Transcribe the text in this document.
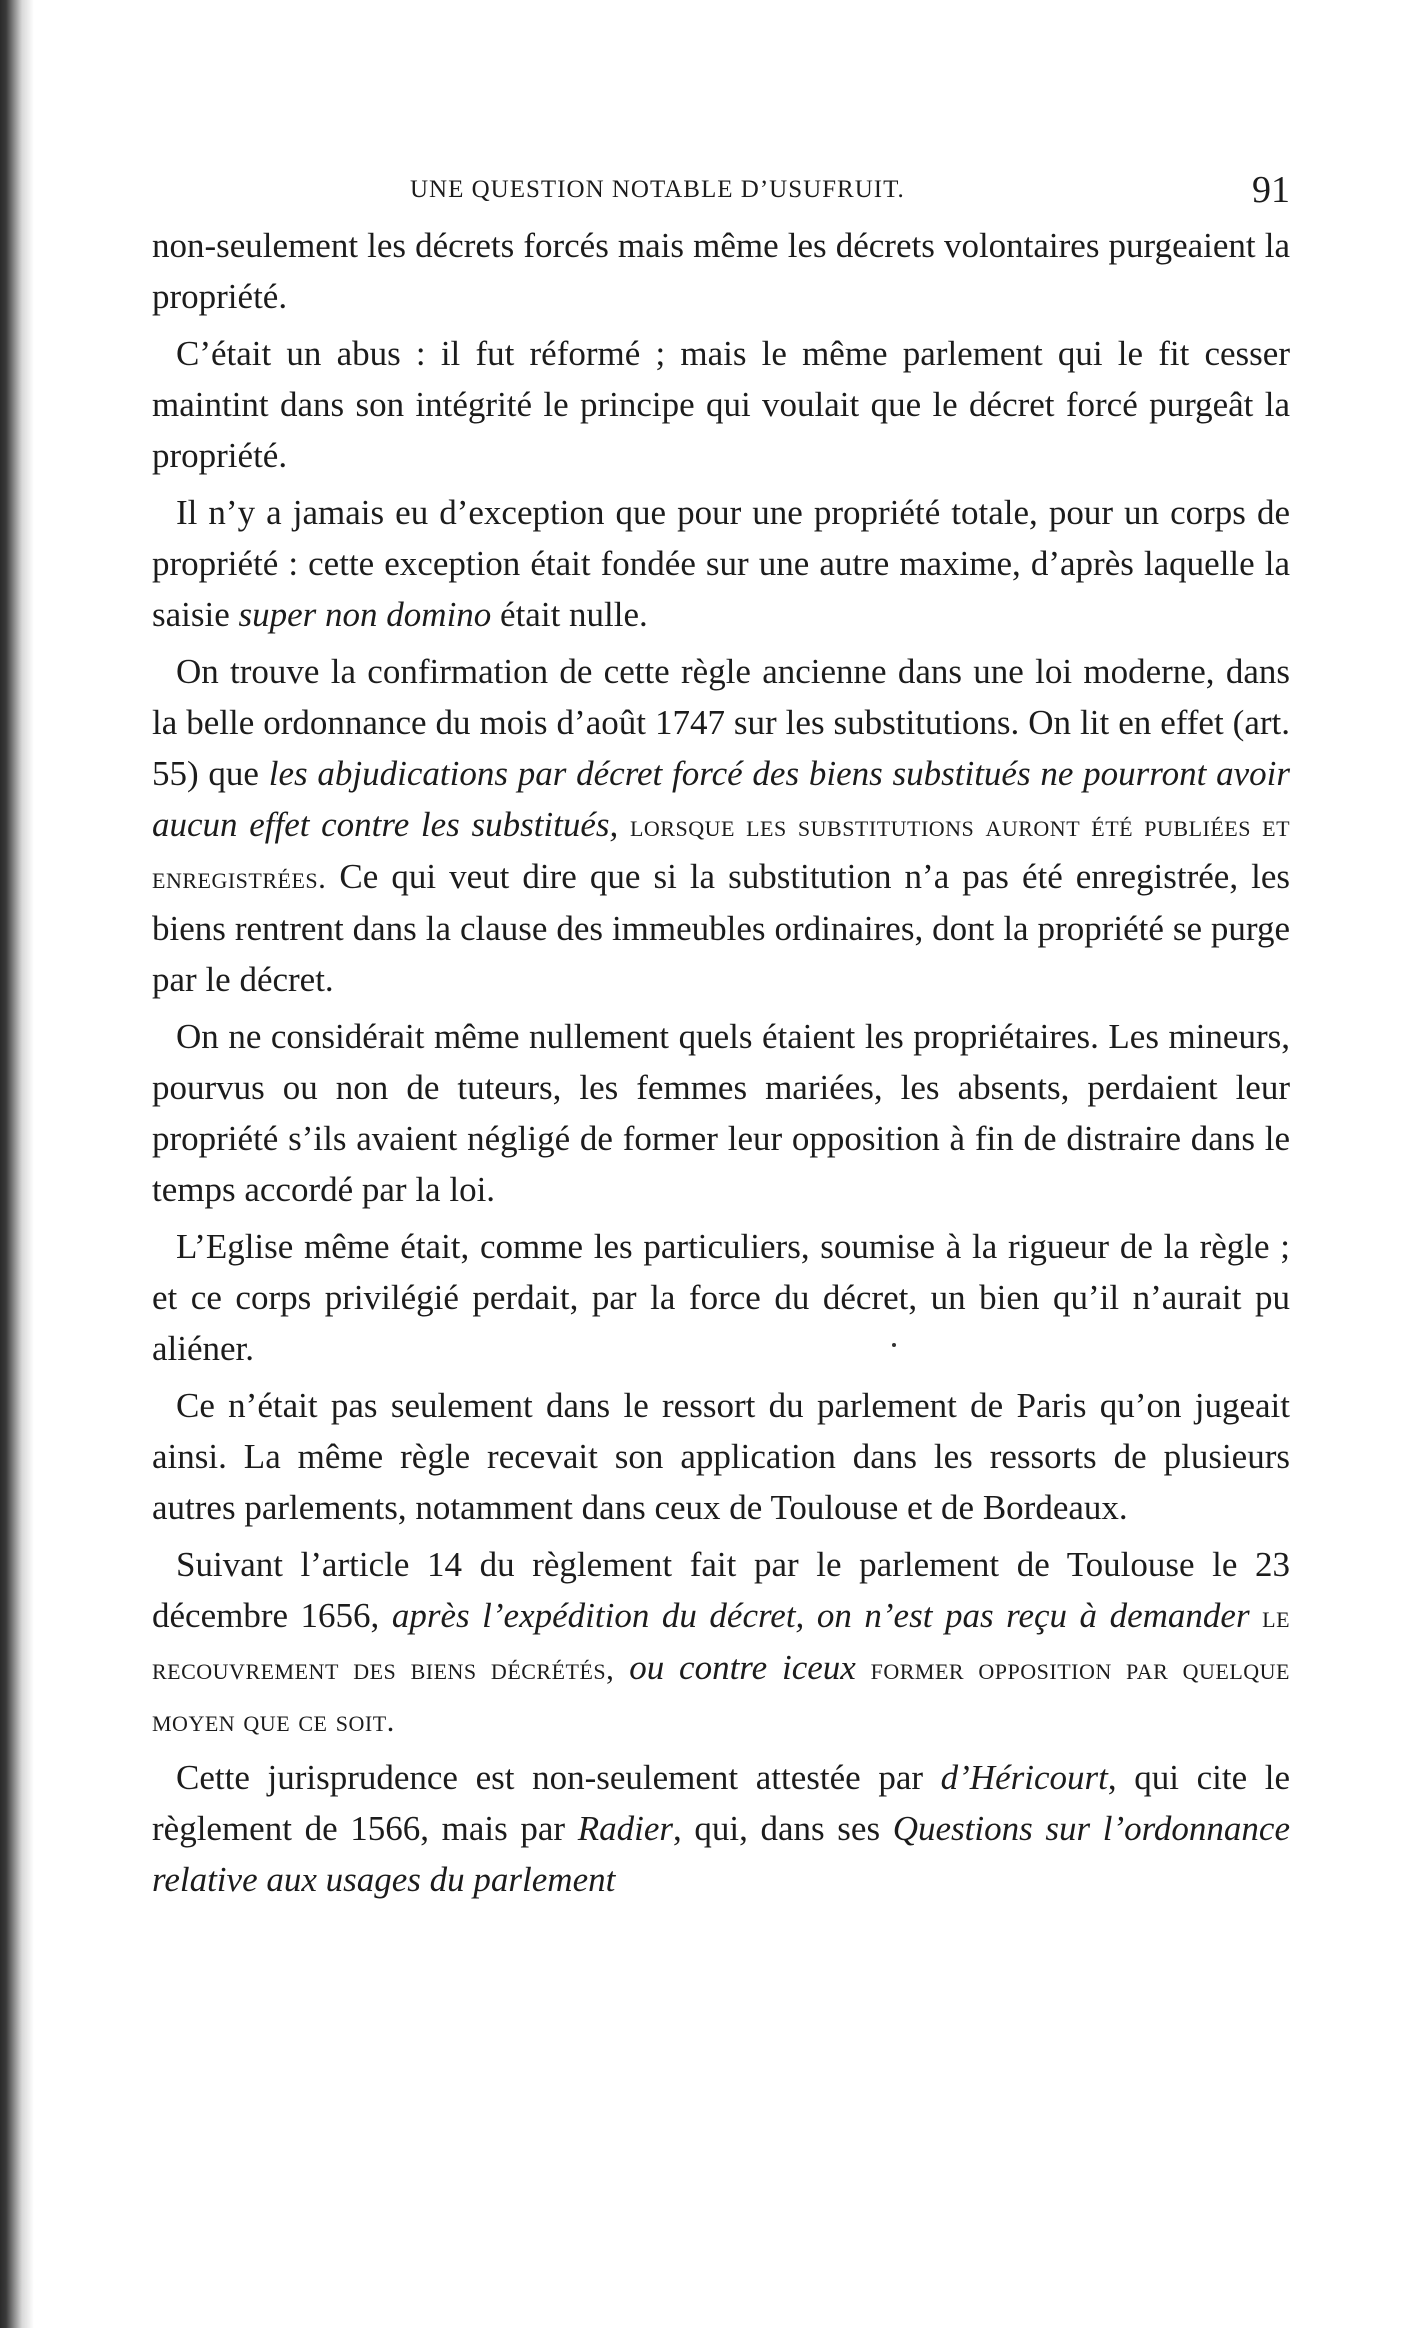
UNE QUESTION NOTABLE D’USUFRUIT.	91

non-seulement les décrets forcés mais même les décrets volontaires purgeaient la propriété.

C’était un abus : il fut réformé ; mais le même parlement qui le fit cesser maintint dans son intégrité le principe qui voulait que le décret forcé purgeât la propriété.

Il n’y a jamais eu d’exception que pour une propriété totale, pour un corps de propriété : cette exception était fondée sur une autre maxime, d’après laquelle la saisie super non domino était nulle.

On trouve la confirmation de cette règle ancienne dans une loi moderne, dans la belle ordonnance du mois d’août 1747 sur les substitutions. On lit en effet (art. 55) que les abjudications par décret forcé des biens substitués ne pourront avoir aucun effet contre les substitués, lorsque les substitutions auront été publiées et enregistrées. Ce qui veut dire que si la substitution n’a pas été enregistrée, les biens rentrent dans la clause des immeubles ordinaires, dont la propriété se purge par le décret.

On ne considérait même nullement quels étaient les propriétaires. Les mineurs, pourvus ou non de tuteurs, les femmes mariées, les absents, perdaient leur propriété s’ils avaient négligé de former leur opposition à fin de distraire dans le temps accordé par la loi.

L’Eglise même était, comme les particuliers, soumise à la rigueur de la règle ; et ce corps privilégié perdait, par la force du décret, un bien qu’il n’aurait pu aliéner.

Ce n’était pas seulement dans le ressort du parlement de Paris qu’on jugeait ainsi. La même règle recevait son application dans les ressorts de plusieurs autres parlements, notamment dans ceux de Toulouse et de Bordeaux.

Suivant l’article 14 du règlement fait par le parlement de Toulouse le 23 décembre 1656, après l’expédition du décret, on n’est pas reçu à demander le recouvrement des biens décrétés, ou contre iceux former opposition par quelque moyen que ce soit.

Cette jurisprudence est non-seulement attestée par d’Héricourt, qui cite le règlement de 1566, mais par Radier, qui, dans ses Questions sur l’ordonnance relative aux usages du parlement
